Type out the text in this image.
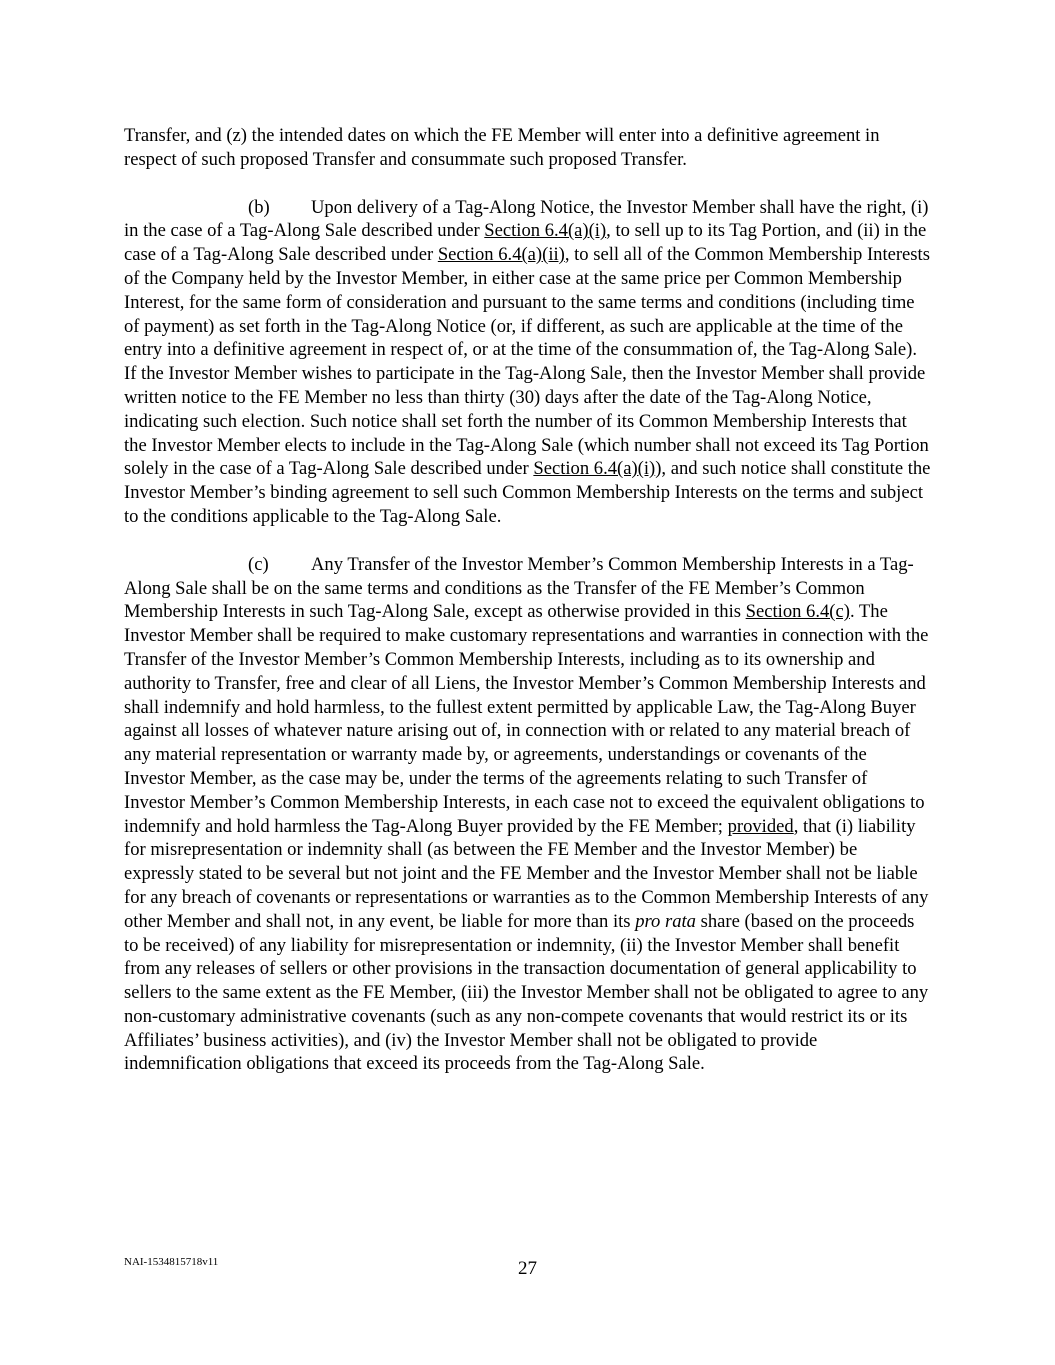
Transfer, and (z) the intended dates on which the FE Member will enter into a definitive agreement in respect of such proposed Transfer and consummate such proposed Transfer.

(b) Upon delivery of a Tag-Along Notice, the Investor Member shall have the right, (i) in the case of a Tag-Along Sale described under Section 6.4(a)(i), to sell up to its Tag Portion, and (ii) in the case of a Tag-Along Sale described under Section 6.4(a)(ii), to sell all of the Common Membership Interests of the Company held by the Investor Member, in either case at the same price per Common Membership Interest, for the same form of consideration and pursuant to the same terms and conditions (including time of payment) as set forth in the Tag-Along Notice (or, if different, as such are applicable at the time of the entry into a definitive agreement in respect of, or at the time of the consummation of, the Tag-Along Sale). If the Investor Member wishes to participate in the Tag-Along Sale, then the Investor Member shall provide written notice to the FE Member no less than thirty (30) days after the date of the Tag-Along Notice, indicating such election. Such notice shall set forth the number of its Common Membership Interests that the Investor Member elects to include in the Tag-Along Sale (which number shall not exceed its Tag Portion solely in the case of a Tag-Along Sale described under Section 6.4(a)(i)), and such notice shall constitute the Investor Member’s binding agreement to sell such Common Membership Interests on the terms and subject to the conditions applicable to the Tag-Along Sale.

(c) Any Transfer of the Investor Member’s Common Membership Interests in a Tag-Along Sale shall be on the same terms and conditions as the Transfer of the FE Member’s Common Membership Interests in such Tag-Along Sale, except as otherwise provided in this Section 6.4(c). The Investor Member shall be required to make customary representations and warranties in connection with the Transfer of the Investor Member’s Common Membership Interests, including as to its ownership and authority to Transfer, free and clear of all Liens, the Investor Member’s Common Membership Interests and shall indemnify and hold harmless, to the fullest extent permitted by applicable Law, the Tag-Along Buyer against all losses of whatever nature arising out of, in connection with or related to any material breach of any material representation or warranty made by, or agreements, understandings or covenants of the Investor Member, as the case may be, under the terms of the agreements relating to such Transfer of Investor Member’s Common Membership Interests, in each case not to exceed the equivalent obligations to indemnify and hold harmless the Tag-Along Buyer provided by the FE Member; provided, that (i) liability for misrepresentation or indemnity shall (as between the FE Member and the Investor Member) be expressly stated to be several but not joint and the FE Member and the Investor Member shall not be liable for any breach of covenants or representations or warranties as to the Common Membership Interests of any other Member and shall not, in any event, be liable for more than its pro rata share (based on the proceeds to be received) of any liability for misrepresentation or indemnity, (ii) the Investor Member shall benefit from any releases of sellers or other provisions in the transaction documentation of general applicability to sellers to the same extent as the FE Member, (iii) the Investor Member shall not be obligated to agree to any non-customary administrative covenants (such as any non-compete covenants that would restrict its or its Affiliates’ business activities), and (iv) the Investor Member shall not be obligated to provide indemnification obligations that exceed its proceeds from the Tag-Along Sale.

NAI-1534815718v11	27
